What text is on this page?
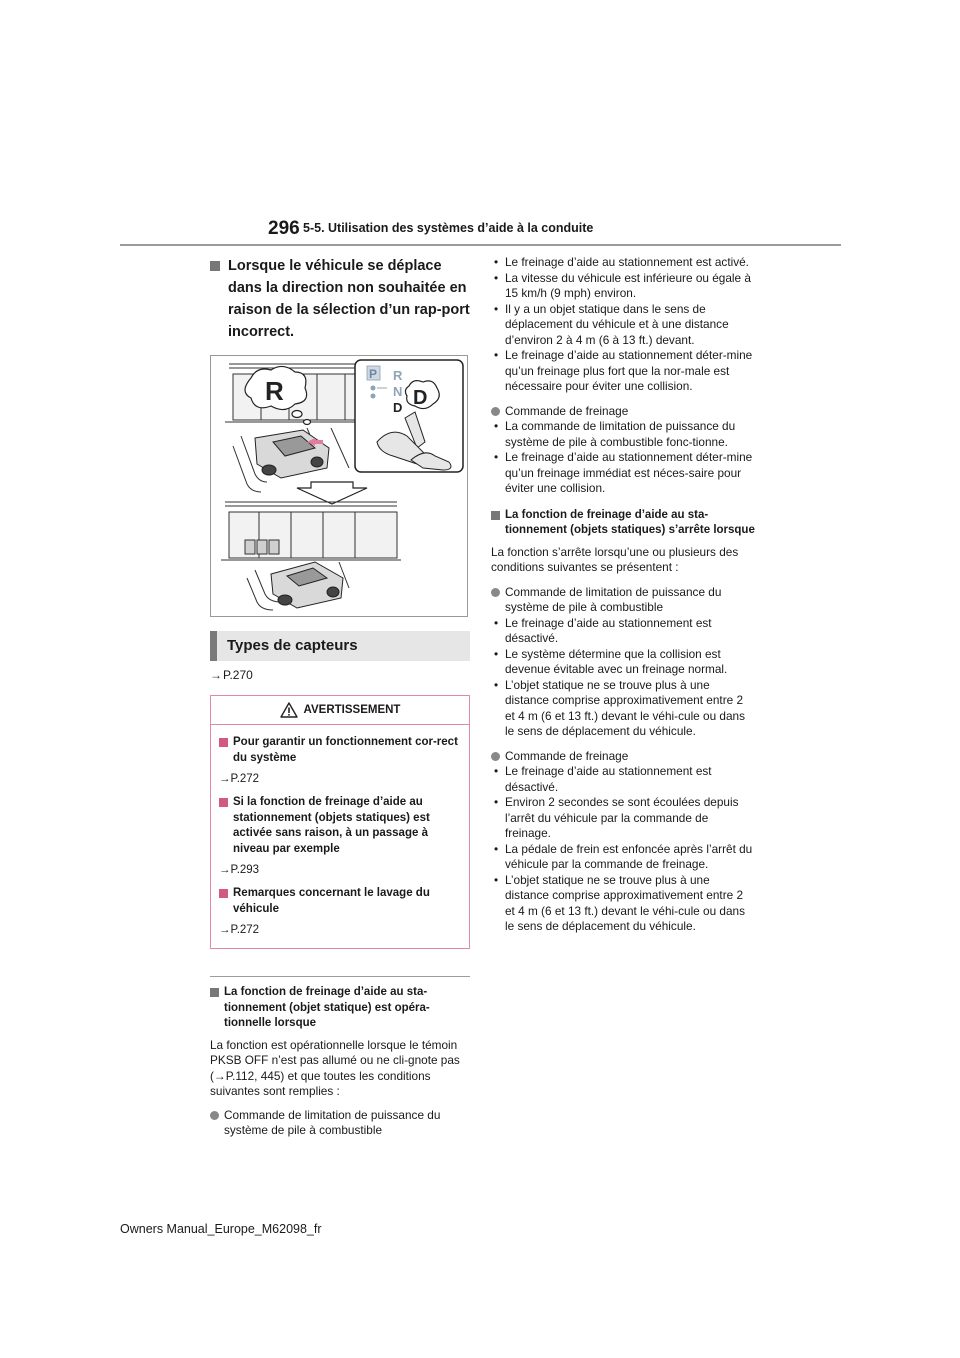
296 5-5. Utilisation des systèmes d’aide à la conduite
Lorsque le véhicule se déplace dans la direction non souhaitée en raison de la sélection d’un rap-port incorrect.
R
P R
N
D D
Types de capteurs
→P.270
AVERTISSEMENT
Pour garantir un fonctionnement cor-rect du système
→P.272
Si la fonction de freinage d’aide au stationnement (objets statiques) est activée sans raison, à un passage à niveau par exemple
→P.293
Remarques concernant le lavage du véhicule
→P.272
La fonction de freinage d’aide au sta-tionnement (objet statique) est opéra-tionnelle lorsque
La fonction est opérationnelle lorsque le témoin PKSB OFF n’est pas allumé ou ne cli-gnote pas (→P.112, 445) et que toutes les conditions suivantes sont remplies :
Commande de limitation de puissance du système de pile à combustible
• Le freinage d’aide au stationnement est activé.
• La vitesse du véhicule est inférieure ou égale à 15 km/h (9 mph) environ.
• Il y a un objet statique dans le sens de déplacement du véhicule et à une distance d’environ 2 à 4 m (6 à 13 ft.) devant.
• Le freinage d’aide au stationnement déter-mine qu’un freinage plus fort que la nor-male est nécessaire pour éviter une collision.
Commande de freinage
• La commande de limitation de puissance du système de pile à combustible fonc-tionne.
• Le freinage d’aide au stationnement déter-mine qu’un freinage immédiat est néces-saire pour éviter une collision.
La fonction de freinage d’aide au sta-tionnement (objets statiques) s’arrête lorsque
La fonction s’arrête lorsqu’une ou plusieurs des conditions suivantes se présentent :
Commande de limitation de puissance du système de pile à combustible
• Le freinage d’aide au stationnement est désactivé.
• Le système détermine que la collision est devenue évitable avec un freinage normal.
• L’objet statique ne se trouve plus à une distance comprise approximativement entre 2 et 4 m (6 et 13 ft.) devant le véhi-cule ou dans le sens de déplacement du véhicule.
Commande de freinage
• Le freinage d’aide au stationnement est désactivé.
• Environ 2 secondes se sont écoulées depuis l’arrêt du véhicule par la commande de freinage.
• La pédale de frein est enfoncée après l’arrêt du véhicule par la commande de freinage.
• L’objet statique ne se trouve plus à une distance comprise approximativement entre 2 et 4 m (6 et 13 ft.) devant le véhi-cule ou dans le sens de déplacement du véhicule.
Owners Manual_Europe_M62098_fr
